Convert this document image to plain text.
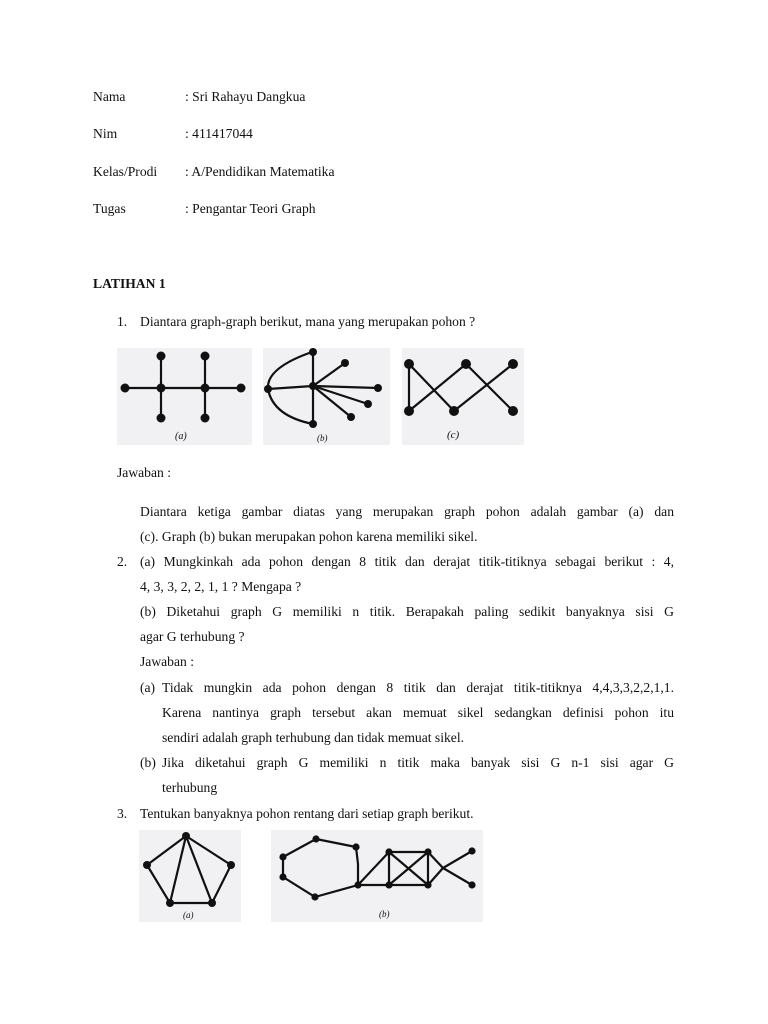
Nama	: Sri Rahayu Dangkua
Nim	: 411417044
Kelas/Prodi : A/Pendidikan Matematika
Tugas	: Pengantar Teori Graph
LATIHAN 1
1. Diantara graph-graph berikut, mana yang merupakan pohon ?
(a)	(b)	(c)
Jawaban :
Diantara ketiga gambar diatas yang merupakan graph pohon adalah gambar (a) dan
(c). Graph (b) bukan merupakan pohon karena memiliki sikel.
2. (a) Mungkinkah ada pohon dengan 8 titik dan derajat titik-titiknya sebagai berikut : 4,
4, 3, 3, 2, 2, 1, 1 ? Mengapa ?
(b) Diketahui graph G memiliki n titik. Berapakah paling sedikit banyaknya sisi G
agar G terhubung ?
Jawaban :
(a) Tidak mungkin ada pohon dengan 8 titik dan derajat titik-titiknya 4,4,3,3,2,2,1,1.
Karena nantinya graph tersebut akan memuat sikel sedangkan definisi pohon itu
sendiri adalah graph terhubung dan tidak memuat sikel.
(b) Jika diketahui graph G memiliki n titik maka banyak sisi G n-1 sisi agar G
terhubung
3. Tentukan banyaknya pohon rentang dari setiap graph berikut.
(a)	(b)
